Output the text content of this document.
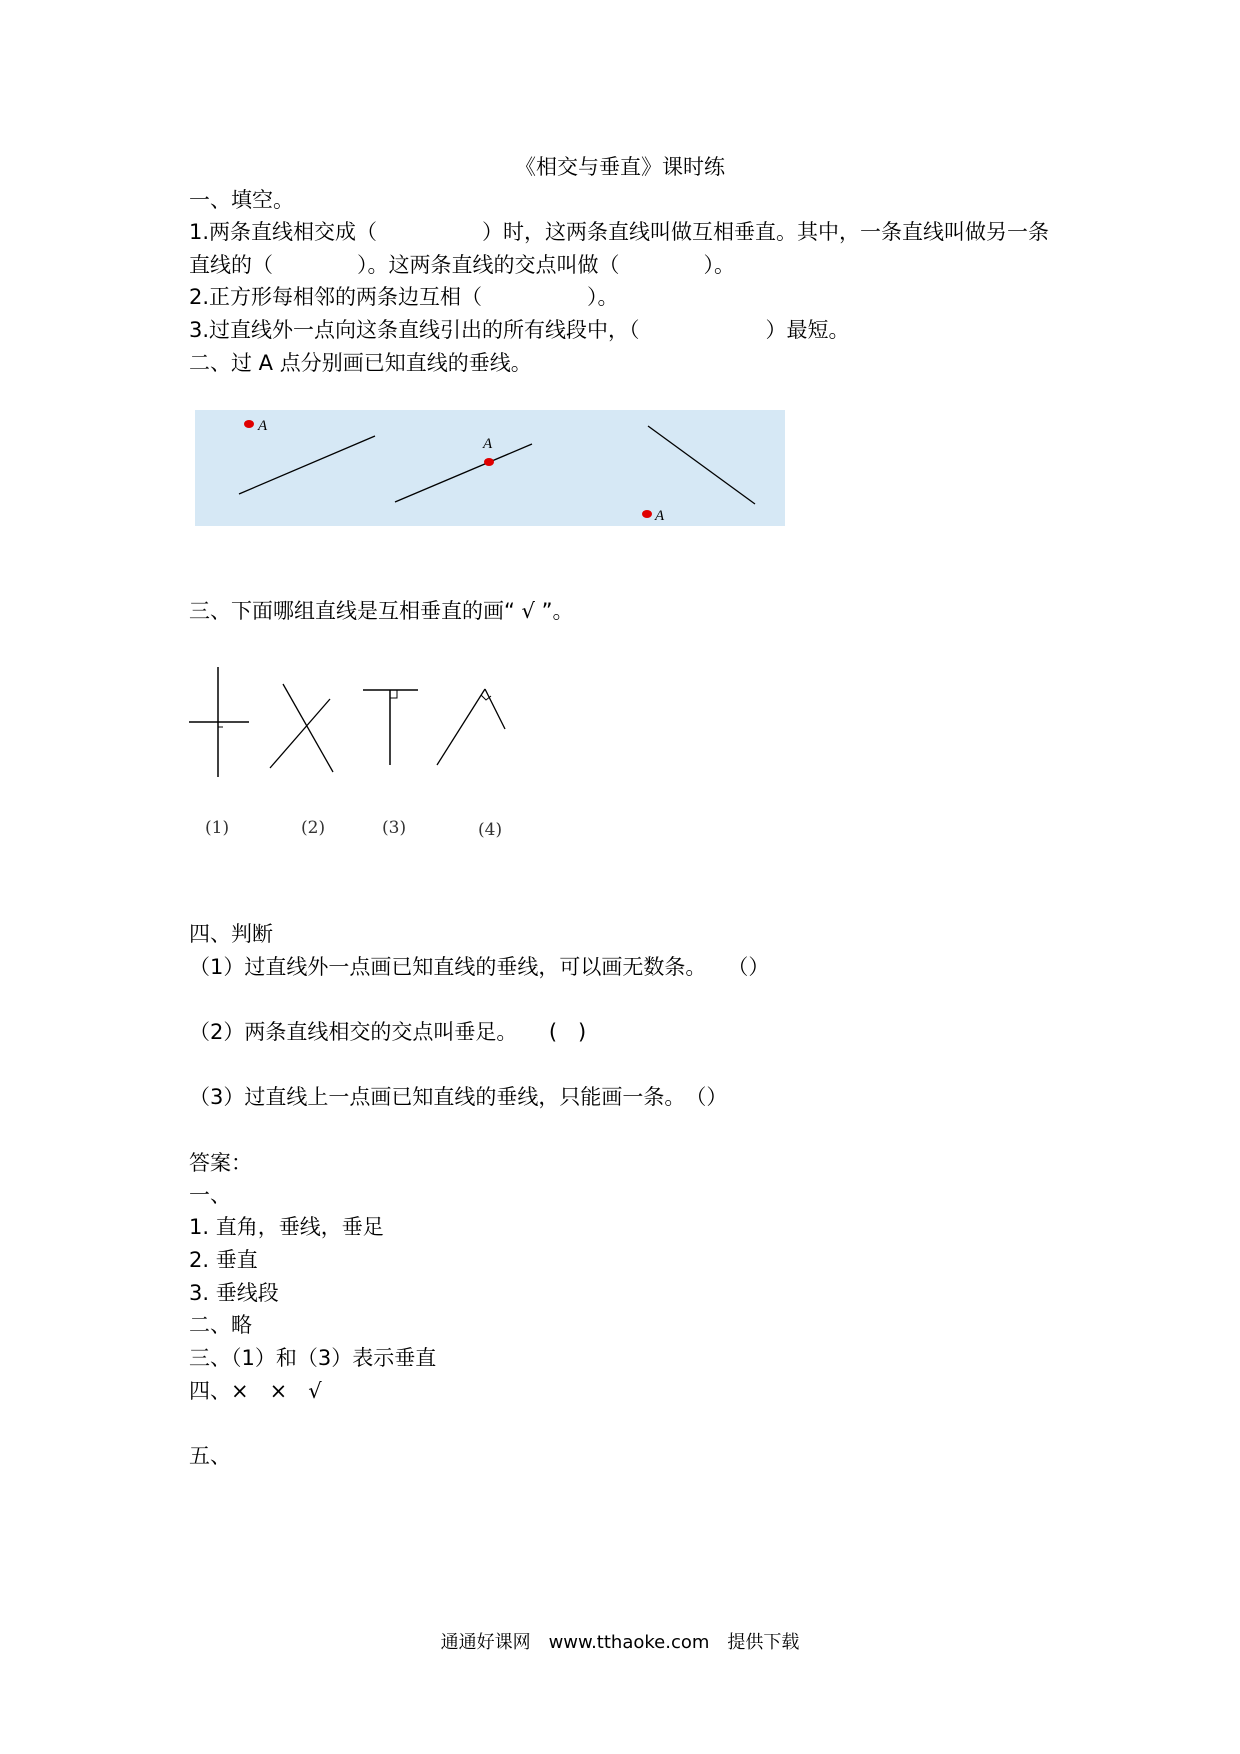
《相交与垂直》课时练
一、填空。
1.两条直线相交成（　　　　　）时，这两条直线叫做互相垂直。其中，一条直线叫做另一条
直线的（　　　　）。这两条直线的交点叫做（　　　　）。
2.正方形每相邻的两条边互相（　　　　　）。
3.过直线外一点向这条直线引出的所有线段中，（　　　　　　）最短。
二、过 A 点分别画已知直线的垂线。
A
A
A
三、下面哪组直线是互相垂直的画“ √ ”。
(1)	(2)	(3)	(4)
四、判断
（1）过直线外一点画已知直线的垂线，可以画无数条。　　（）
（2）两条直线相交的交点叫垂足。　　(　)
（3）过直线上一点画已知直线的垂线，只能画一条。　（）
答案：
一、
1. 直角，垂线，垂足
2. 垂直
3. 垂线段
二、略
三、（1）和（3）表示垂直
四、×　×　√
五、
通通好课网　www.tthaoke.com　提供下载
